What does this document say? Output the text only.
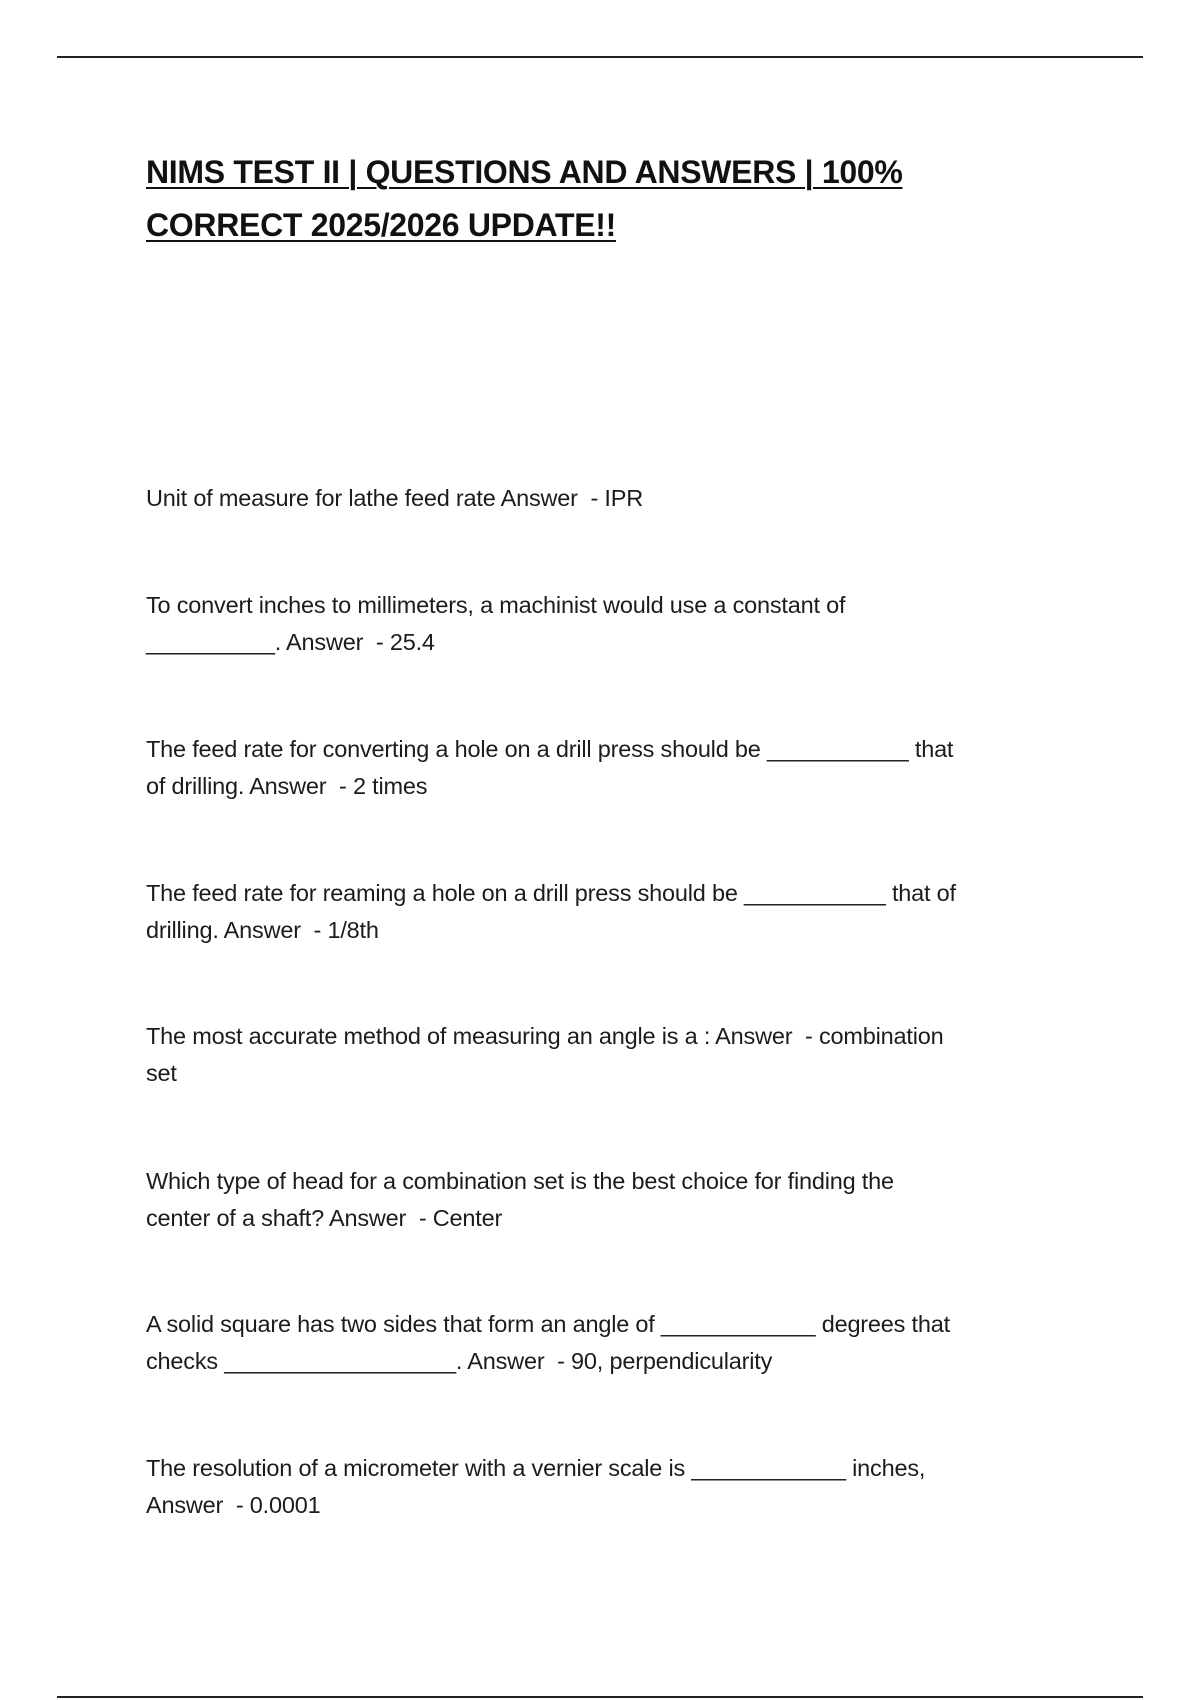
NIMS TEST II | QUESTIONS AND ANSWERS | 100%
CORRECT 2025/2026 UPDATE!!

Unit of measure for lathe feed rate Answer  - IPR

To convert inches to millimeters, a machinist would use a constant of
__________. Answer  - 25.4

The feed rate for converting a hole on a drill press should be ___________ that
of drilling. Answer  - 2 times

The feed rate for reaming a hole on a drill press should be ___________ that of
drilling. Answer  - 1/8th

The most accurate method of measuring an angle is a : Answer  - combination
set

Which type of head for a combination set is the best choice for finding the
center of a shaft? Answer  - Center

A solid square has two sides that form an angle of ____________ degrees that
checks __________________. Answer  - 90, perpendicularity

The resolution of a micrometer with a vernier scale is ____________ inches,
Answer  - 0.0001
